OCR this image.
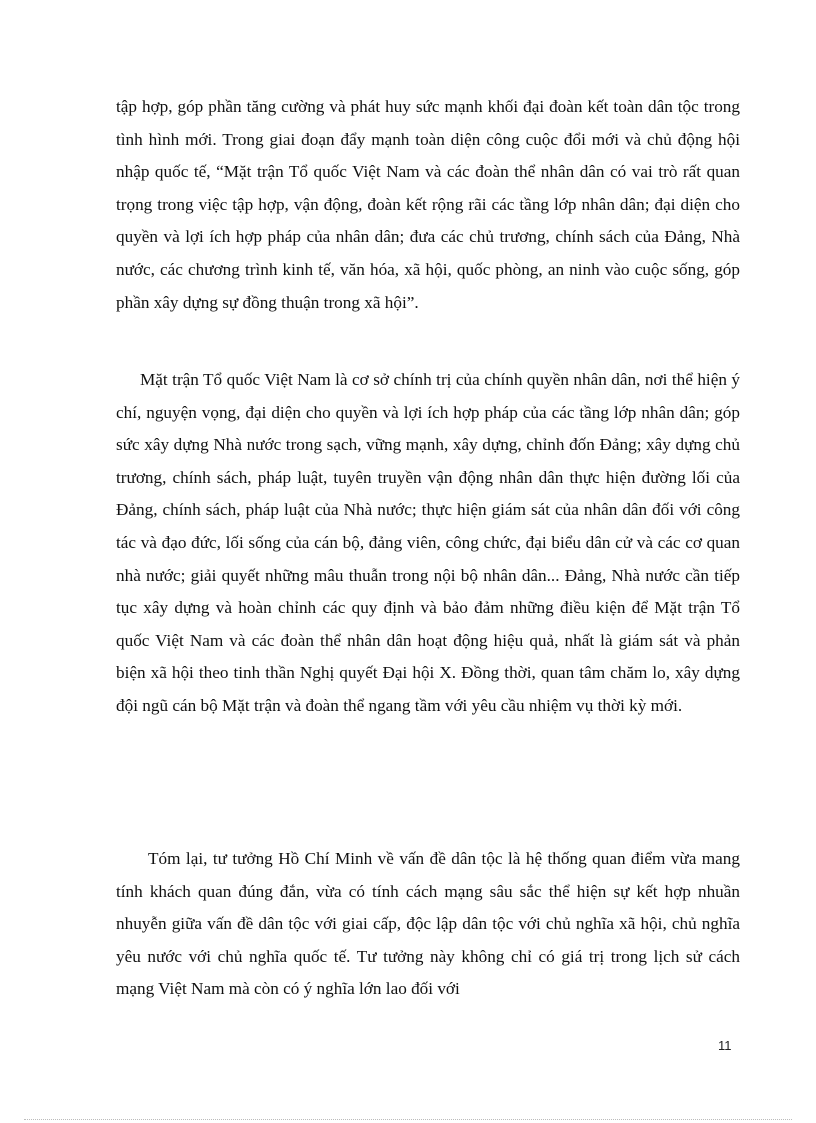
tập hợp, góp phần tăng cường và phát huy sức mạnh khối đại đoàn kết toàn dân tộc trong tình hình mới. Trong giai đoạn đẩy mạnh toàn diện công cuộc đổi mới và chủ động hội nhập quốc tế, “Mặt trận Tổ quốc Việt Nam và các đoàn thể nhân dân có vai trò rất quan trọng trong việc tập hợp, vận động, đoàn kết rộng rãi các tầng lớp nhân dân; đại diện cho quyền và lợi ích hợp pháp của nhân dân; đưa các chủ trương, chính sách của Đảng, Nhà nước, các chương trình kinh tế, văn hóa, xã hội, quốc phòng, an ninh vào cuộc sống, góp phần xây dựng sự đồng thuận trong xã hội”.

Mặt trận Tổ quốc Việt Nam là cơ sở chính trị của chính quyền nhân dân, nơi thể hiện ý chí, nguyện vọng, đại diện cho quyền và lợi ích hợp pháp của các tầng lớp nhân dân; góp sức xây dựng Nhà nước trong sạch, vững mạnh, xây dựng, chỉnh đốn Đảng; xây dựng chủ trương, chính sách, pháp luật, tuyên truyền vận động nhân dân thực hiện đường lối của Đảng, chính sách, pháp luật của Nhà nước; thực hiện giám sát của nhân dân đối với công tác và đạo đức, lối sống của cán bộ, đảng viên, công chức, đại biểu dân cử và các cơ quan nhà nước; giải quyết những mâu thuẫn trong nội bộ nhân dân... Đảng, Nhà nước cần tiếp tục xây dựng và hoàn chỉnh các quy định và bảo đảm những điều kiện để Mặt trận Tổ quốc Việt Nam và các đoàn thể nhân dân hoạt động hiệu quả, nhất là giám sát và phản biện xã hội theo tinh thần Nghị quyết Đại hội X. Đồng thời, quan tâm chăm lo, xây dựng đội ngũ cán bộ Mặt trận và đoàn thể ngang tầm với yêu cầu nhiệm vụ thời kỳ mới.

Tóm lại, tư tưởng Hồ Chí Minh về vấn đề dân tộc là hệ thống quan điểm vừa mang tính khách quan đúng đắn, vừa có tính cách mạng sâu sắc thể hiện sự kết hợp nhuần nhuyễn giữa vấn đề dân tộc với giai cấp, độc lập dân tộc với chủ nghĩa xã hội, chủ nghĩa yêu nước với chủ nghĩa quốc tế. Tư tưởng này không chỉ có giá trị trong lịch sử cách mạng Việt Nam mà còn có ý nghĩa lớn lao đối với

11
